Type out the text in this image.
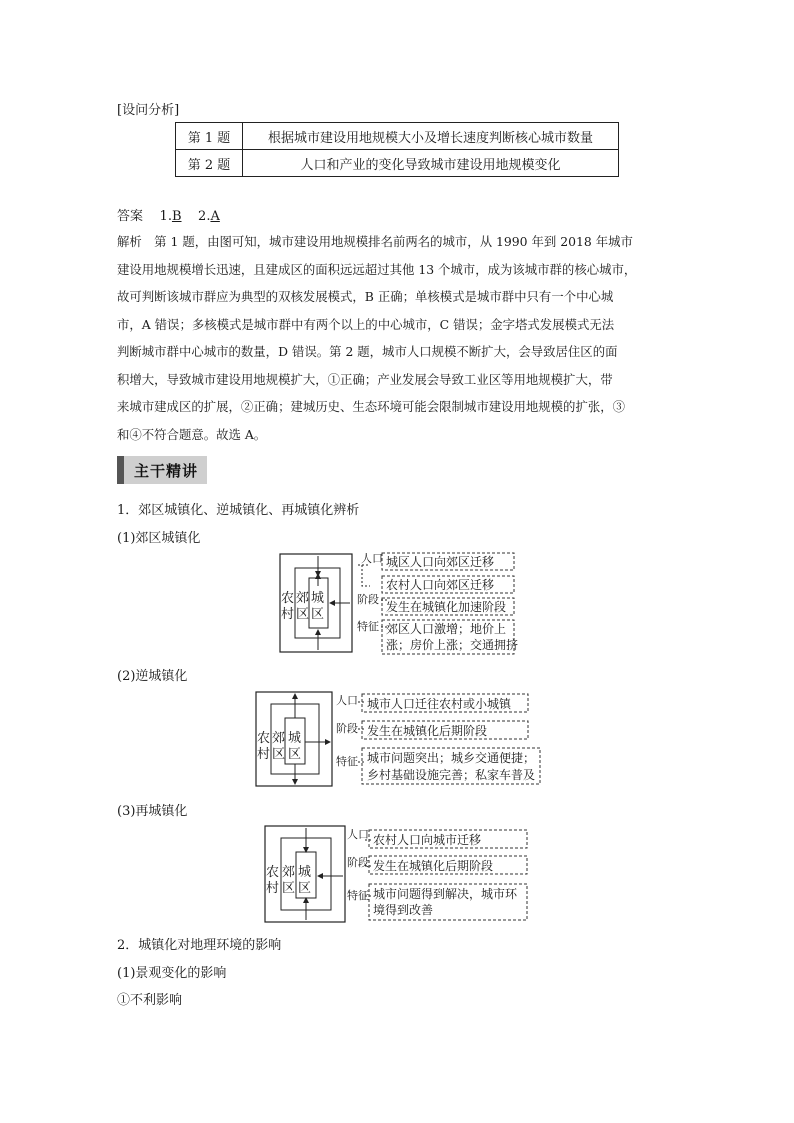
[设问分析]
第 1 题	根据城市建设用地规模大小及增长速度判断核心城市数量
第 2 题	人口和产业的变化导致城市建设用地规模变化
答案 1.B 2.A

解析　第 1 题，由图可知，城市建设用地规模排名前两名的城市，从 1990 年到 2018 年城市

建设用地规模增长迅速，且建成区的面积远远超过其他 13 个城市，成为该城市群的核心城市，

故可判断该城市群应为典型的双核发展模式，B 正确；单核模式是城市群中只有一个中心城

市，A 错误；多核模式是城市群中有两个以上的中心城市，C 错误；金字塔式发展模式无法

判断城市群中心城市的数量，D 错误。第 2 题，城市人口规模不断扩大，会导致居住区的面

积增大，导致城市建设用地规模扩大，①正确；产业发展会导致工业区等用地规模扩大，带

来城市建成区的扩展，②正确；建城历史、生态环境可能会限制城市建设用地规模的扩张，③

和④不符合题意。故选 A。

主干精讲
1．郊区城镇化、逆城镇化、再城镇化辨析
(1)郊区城镇化
农
村
郊
区
城
区
人口
阶段
特征
城区人口向郊区迁移
农村人口向郊区迁移
发生在城镇化加速阶段
郊区人口激增；地价上
涨；房价上涨；交通拥挤
(2)逆城镇化
农
村
郊
区
城
区
人口
阶段
特征
城市人口迁往农村或小城镇
发生在城镇化后期阶段
城市问题突出；城乡交通便捷；
乡村基础设施完善；私家车普及
(3)再城镇化
农
村
郊
区
城
区
人口
阶段
特征
农村人口向城市迁移
发生在城镇化后期阶段
城市问题得到解决，城市环
境得到改善
2．城镇化对地理环境的影响
(1)景观变化的影响
①不利影响
